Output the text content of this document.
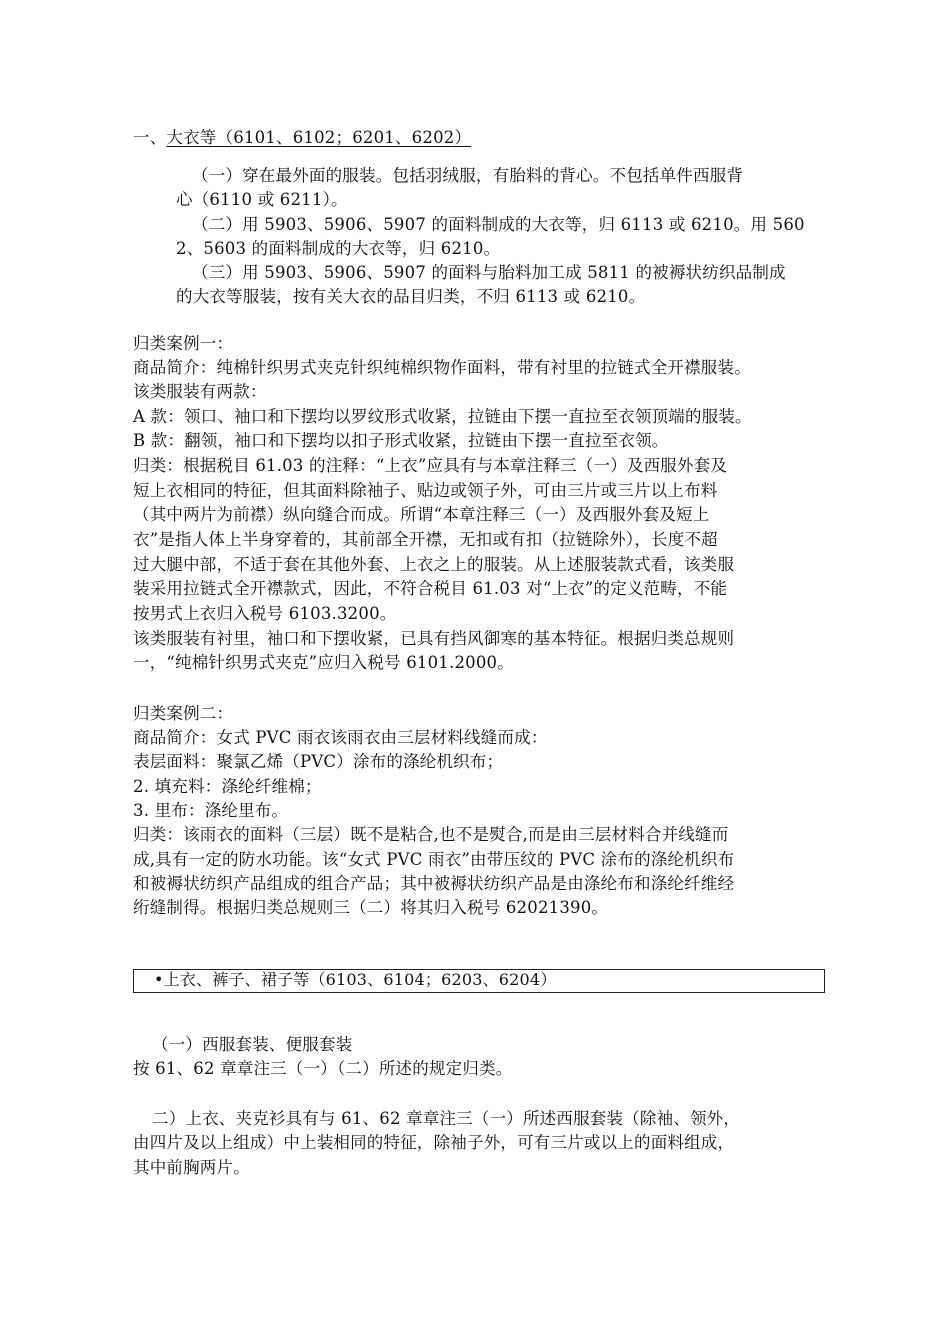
一、大衣等（6101、6102；6201、6202）
（一）穿在最外面的服装。包括羽绒服，有胎料的背心。不包括单件西服背
心（6110 或 6211）。
（二）用 5903、5906、5907 的面料制成的大衣等，归 6113 或 6210。用 560
2、5603 的面料制成的大衣等，归 6210。
（三）用 5903、5906、5907 的面料与胎料加工成 5811 的被褥状纺织品制成
的大衣等服装，按有关大衣的品目归类，不归 6113 或 6210。
归类案例一：
商品简介：纯棉针织男式夹克针织纯棉织物作面料，带有衬里的拉链式全开襟服装。
该类服装有两款：
A 款：领口、袖口和下摆均以罗纹形式收紧，拉链由下摆一直拉至衣领顶端的服装。
B 款：翻领，袖口和下摆均以扣子形式收紧，拉链由下摆一直拉至衣领。
归类：根据税目 61.03 的注释：“上衣”应具有与本章注释三（一）及西服外套及
短上衣相同的特征，但其面料除袖子、贴边或领子外，可由三片或三片以上布料
（其中两片为前襟）纵向缝合而成。所谓“本章注释三（一）及西服外套及短上
衣”是指人体上半身穿着的，其前部全开襟，无扣或有扣（拉链除外），长度不超
过大腿中部，不适于套在其他外套、上衣之上的服装。从上述服装款式看，该类服
装采用拉链式全开襟款式，因此，不符合税目 61.03 对“上衣”的定义范畴，不能
按男式上衣归入税号 6103.3200。
该类服装有衬里，袖口和下摆收紧，已具有挡风御寒的基本特征。根据归类总规则
一，“纯棉针织男式夹克”应归入税号 6101.2000。
归类案例二：
商品简介：女式 PVC 雨衣该雨衣由三层材料线缝而成：
表层面料：聚氯乙烯（PVC）涂布的涤纶机织布；
2. 填充料：涤纶纤维棉；
3. 里布：涤纶里布。
归类：该雨衣的面料（三层）既不是粘合,也不是熨合,而是由三层材料合并线缝而
成,具有一定的防水功能。该“女式 PVC 雨衣”由带压纹的 PVC 涂布的涤纶机织布
和被褥状纺织产品组成的组合产品；其中被褥状纺织产品是由涤纶布和涤纶纤维经
绗缝制得。根据归类总规则三（二）将其归入税号 62021390。
•上衣、裤子、裙子等（6103、6104；6203、6204）
（一）西服套装、便服套装
按 61、62 章章注三（一）（二）所述的规定归类。
二）上衣、夹克衫具有与 61、62 章章注三（一）所述西服套装（除袖、领外，
由四片及以上组成）中上装相同的特征，除袖子外，可有三片或以上的面料组成，
其中前胸两片。
